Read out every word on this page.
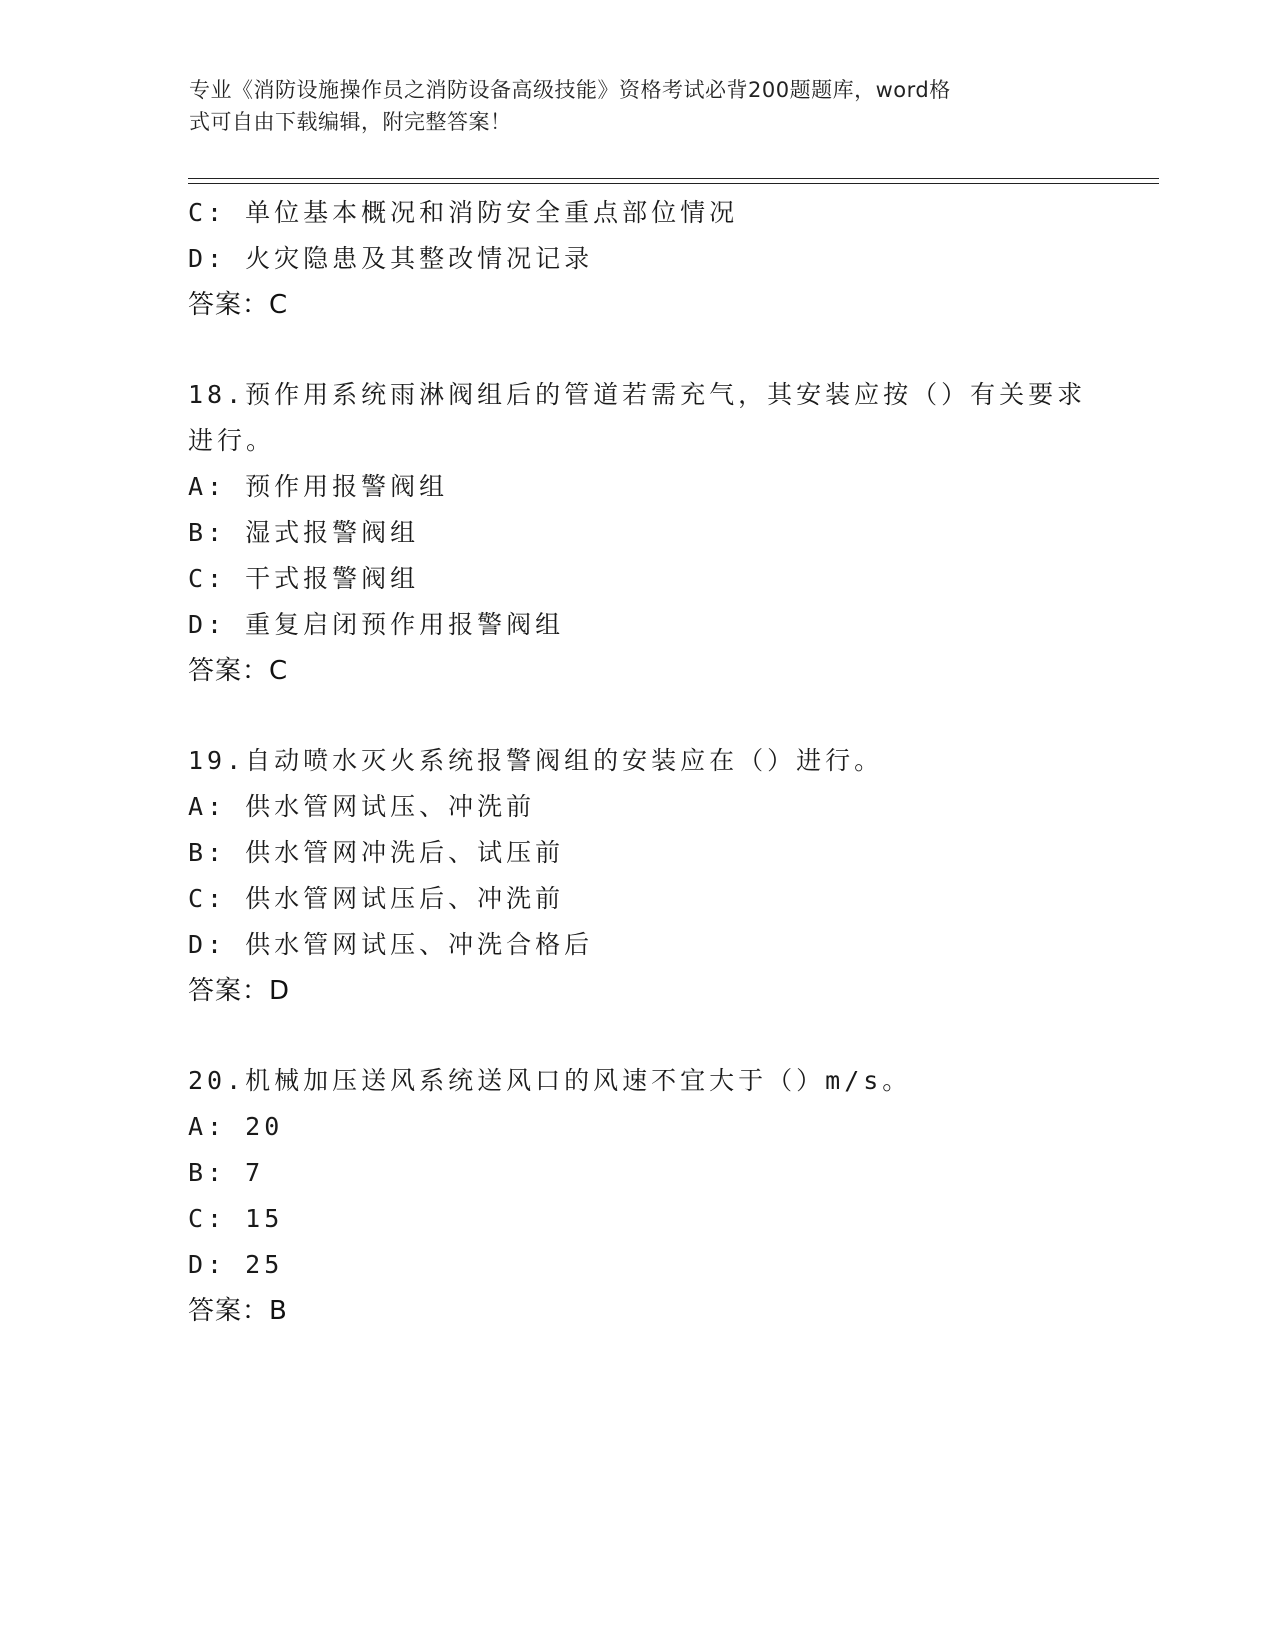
专业《消防设施操作员之消防设备高级技能》资格考试必背200题题库，word格
式可自由下载编辑，附完整答案！
C: 单位基本概况和消防安全重点部位情况
D: 火灾隐患及其整改情况记录
答案：C
18.预作用系统雨淋阀组后的管道若需充气，其安装应按（）有关要求
进行。
A: 预作用报警阀组
B: 湿式报警阀组
C: 干式报警阀组
D: 重复启闭预作用报警阀组
答案：C
19.自动喷水灭火系统报警阀组的安装应在（）进行。
A: 供水管网试压、冲洗前
B: 供水管网冲洗后、试压前
C: 供水管网试压后、冲洗前
D: 供水管网试压、冲洗合格后
答案：D
20.机械加压送风系统送风口的风速不宜大于（）m/s。
A: 20
B: 7
C: 15
D: 25
答案：B
